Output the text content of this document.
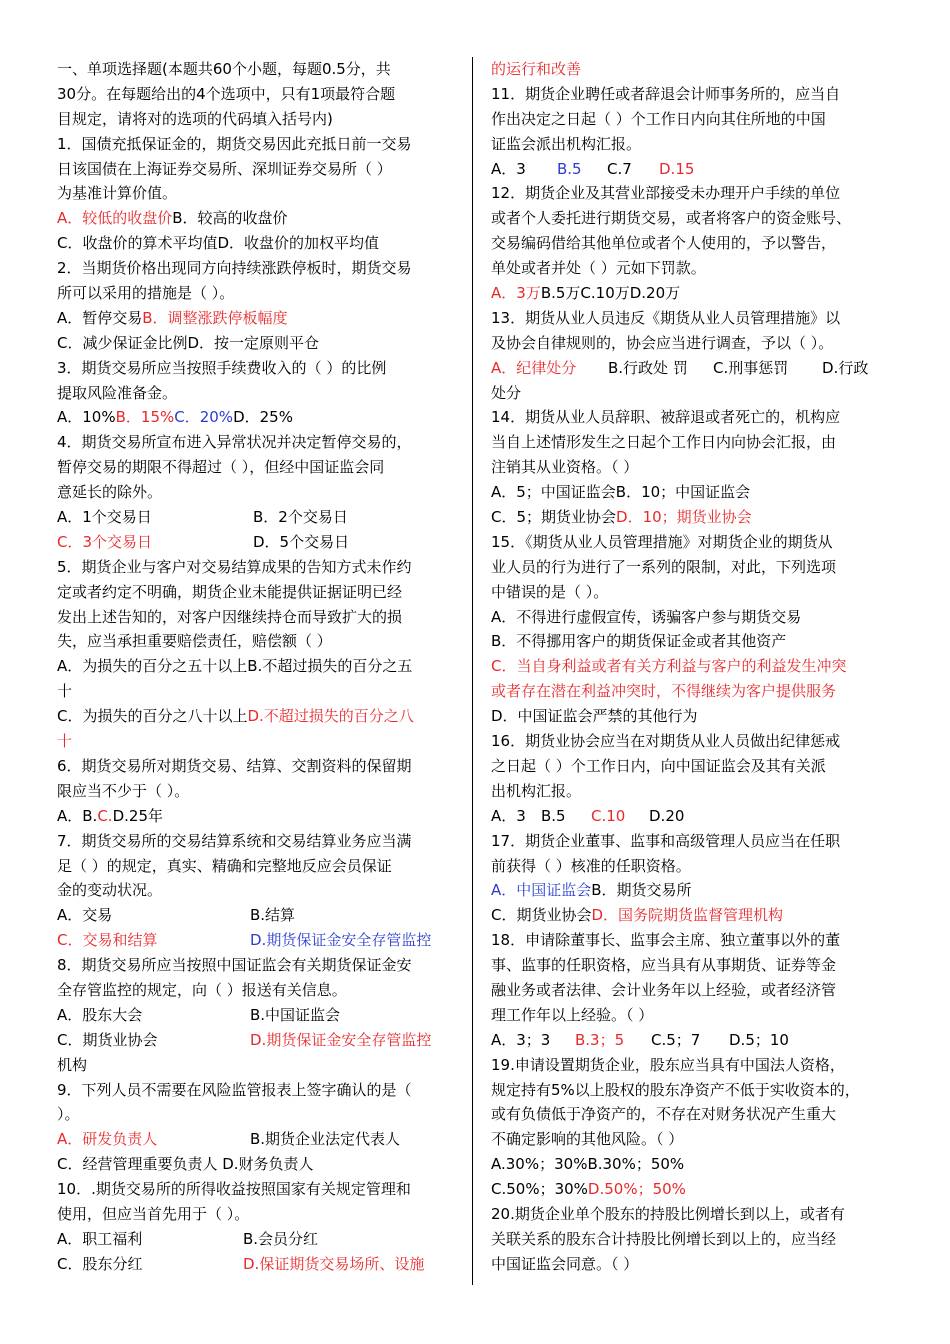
一、单项选择题(本题共60个小题，每题0.5分，共
30分。在每题给出的4个选项中，只有1项最符合题
目规定，请将对的选项的代码填入括号内)
1．国债充抵保证金的，期货交易因此充抵日前一交易
日该国债在上海证券交易所、深圳证券交易所（ ）
为基准计算价值。
A．较低的收盘价 B．较高的收盘价
C．收盘价的算术平均值D．收盘价的加权平均值
2．当期货价格出现同方向持续涨跌停板时，期货交易
所可以采用的措施是（ ）。
A．暂停交易 B．调整涨跌停板幅度
C．减少保证金比例D．按一定原则平仓
3．期货交易所应当按照手续费收入的（ ）的比例
提取风险准备金。
A．10% B．15% C．20% D．25%
4．期货交易所宣布进入异常状况并决定暂停交易的，
暂停交易的期限不得超过（ ），但经中国证监会同
意延长的除外。
A．1个交易日	B．2个交易日
C．3个交易日	D．5个交易日
5．期货企业与客户对交易结算成果的告知方式未作约
定或者约定不明确，期货企业未能提供证据证明已经
发出上述告知的，对客户因继续持仓而导致扩大的损
失，应当承担重要赔偿责任，赔偿额（ ）
A．为损失的百分之五十以上B.不超过损失的百分之五
十
C．为损失的百分之八十以上 D.不超过损失的百分之八
十
6．期货交易所对期货交易、结算、交割资料的保留期
限应当不少于（ ）。
A．B. C. D.25年
7．期货交易所的交易结算系统和交易结算业务应当满
足（ ）的规定，真实、精确和完整地反应会员保证
金的变动状况。
A．交易	B.结算
C．交易和结算	D.期货保证金安全存管监控
8．期货交易所应当按照中国证监会有关期货保证金安
全存管监控的规定，向（ ）报送有关信息。
A．股东大会	B.中国证监会
C．期货业协会	D.期货保证金安全存管监控
机构
9．下列人员不需要在风险监管报表上签字确认的是（
）。
A．研发负责人	B.期货企业法定代表人
C．经营管理重要负责人 D.财务负责人
10．.期货交易所的所得收益按照国家有关规定管理和
使用，但应当首先用于（ ）。
A．职工福利	B.会员分红
C．股东分红	D.保证期货交易场所、设施
的运行和改善
11．期货企业聘任或者辞退会计师事务所的，应当自
作出决定之日起（ ）个工作日内向其住所地的中国
证监会派出机构汇报。
A．3 B.5 C.7 D.15
12．期货企业及其营业部接受未办理开户手续的单位
或者个人委托进行期货交易，或者将客户的资金账号、
交易编码借给其他单位或者个人使用的，予以警告，
单处或者并处（ ）元如下罚款。
A．3万 B.5万C.10万D.20万
13．期货从业人员违反《期货从业人员管理措施》以
及协会自律规则的，协会应当进行调查，予以（ ）。
A．纪律处分 B.行政处 罚 C.刑事惩罚 D.行政
处分
14．期货从业人员辞职、被辞退或者死亡的，机构应
当自上述情形发生之日起个工作日内向协会汇报，由
注销其从业资格。（ ）
A．5；中国证监会B．10；中国证监会
C．5；期货业协会 D．10；期货业协会
15．《期货从业人员管理措施》对期货企业的期货从
业人员的行为进行了一系列的限制，对此，下列选项
中错误的是（ ）。
A．不得进行虚假宣传，诱骗客户参与期货交易
B．不得挪用客户的期货保证金或者其他资产
C．当自身利益或者有关方利益与客户的利益发生冲突
或者存在潜在利益冲突时，不得继续为客户提供服务
D．中国证监会严禁的其他行为
16．期货业协会应当在对期货从业人员做出纪律惩戒
之日起（ ）个工作日内，向中国证监会及其有关派
出机构汇报。
A．3 B.5 C.10 D.20
17．期货企业董事、监事和高级管理人员应当在任职
前获得（ ）核准的任职资格。
A．中国证监会 B．期货交易所
C．期货业协会 D．国务院期货监督管理机构
18．申请除董事长、监事会主席、独立董事以外的董
事、监事的任职资格，应当具有从事期货、证券等金
融业务或者法律、会计业务年以上经验，或者经济管
理工作年以上经验。（ ）
A．3；3 B.3；5 C.5；7 D.5；10
19.申请设置期货企业，股东应当具有中国法人资格，
规定持有5%以上股权的股东净资产不低于实收资本的，
或有负债低于净资产的，不存在对财务状况产生重大
不确定影响的其他风险。（ ）
A.30%；30%B.30%；50%
C.50%；30% D.50%；50%
20.期货企业单个股东的持股比例增长到以上，或者有
关联关系的股东合计持股比例增长到以上的，应当经
中国证监会同意。（ ）
